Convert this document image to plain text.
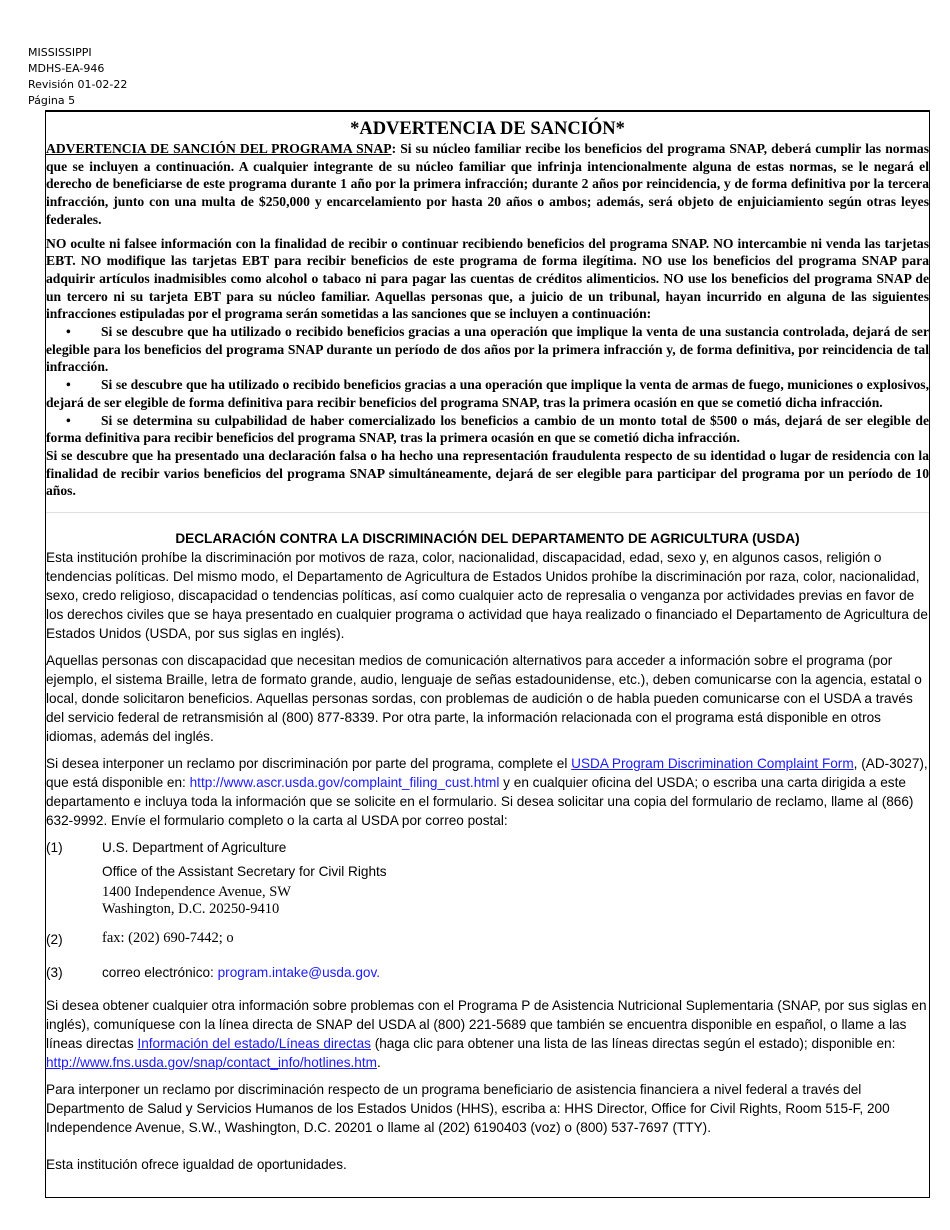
MISSISSIPPI
MDHS-EA-946
Revisión 01-02-22
Página 5

*ADVERTENCIA DE SANCIÓN*

ADVERTENCIA DE SANCIÓN DEL PROGRAMA SNAP: Si su núcleo familiar recibe los beneficios del programa SNAP, deberá cumplir las normas que se incluyen a continuación. A cualquier integrante de su núcleo familiar que infrinja intencionalmente alguna de estas normas, se le negará el derecho de beneficiarse de este programa durante 1 año por la primera infracción; durante 2 años por reincidencia, y de forma definitiva por la tercera infracción, junto con una multa de $250,000 y encarcelamiento por hasta 20 años o ambos; además, será objeto de enjuiciamiento según otras leyes federales.

NO oculte ni falsee información con la finalidad de recibir o continuar recibiendo beneficios del programa SNAP. NO intercambie ni venda las tarjetas EBT. NO modifique las tarjetas EBT para recibir beneficios de este programa de forma ilegítima. NO use los beneficios del programa SNAP para adquirir artículos inadmisibles como alcohol o tabaco ni para pagar las cuentas de créditos alimenticios. NO use los beneficios del programa SNAP de un tercero ni su tarjeta EBT para su núcleo familiar. Aquellas personas que, a juicio de un tribunal, hayan incurrido en alguna de las siguientes infracciones estipuladas por el programa serán sometidas a las sanciones que se incluyen a continuación:

• Si se descubre que ha utilizado o recibido beneficios gracias a una operación que implique la venta de una sustancia controlada, dejará de ser elegible para los beneficios del programa SNAP durante un período de dos años por la primera infracción y, de forma definitiva, por reincidencia de tal infracción.
• Si se descubre que ha utilizado o recibido beneficios gracias a una operación que implique la venta de armas de fuego, municiones o explosivos, dejará de ser elegible de forma definitiva para recibir beneficios del programa SNAP, tras la primera ocasión en que se cometió dicha infracción.
• Si se determina su culpabilidad de haber comercializado los beneficios a cambio de un monto total de $500 o más, dejará de ser elegible de forma definitiva para recibir beneficios del programa SNAP, tras la primera ocasión en que se cometió dicha infracción.

Si se descubre que ha presentado una declaración falsa o ha hecho una representación fraudulenta respecto de su identidad o lugar de residencia con la finalidad de recibir varios beneficios del programa SNAP simultáneamente, dejará de ser elegible para participar del programa por un período de 10 años.

DECLARACIÓN CONTRA LA DISCRIMINACIÓN DEL DEPARTAMENTO DE AGRICULTURA (USDA)

Esta institución prohíbe la discriminación por motivos de raza, color, nacionalidad, discapacidad, edad, sexo y, en algunos casos, religión o tendencias políticas. Del mismo modo, el Departamento de Agricultura de Estados Unidos prohíbe la discriminación por raza, color, nacionalidad, sexo, credo religioso, discapacidad o tendencias políticas, así como cualquier acto de represalia o venganza por actividades previas en favor de los derechos civiles que se haya presentado en cualquier programa o actividad que haya realizado o financiado el Departamento de Agricultura de Estados Unidos (USDA, por sus siglas en inglés).

Aquellas personas con discapacidad que necesitan medios de comunicación alternativos para acceder a información sobre el programa (por ejemplo, el sistema Braille, letra de formato grande, audio, lenguaje de señas estadounidense, etc.), deben comunicarse con la agencia, estatal o local, donde solicitaron beneficios. Aquellas personas sordas, con problemas de audición o de habla pueden comunicarse con el USDA a través del servicio federal de retransmisión al (800) 877-8339. Por otra parte, la información relacionada con el programa está disponible en otros idiomas, además del inglés.

Si desea interponer un reclamo por discriminación por parte del programa, complete el USDA Program Discrimination Complaint Form, (AD-3027), que está disponible en: http://www.ascr.usda.gov/complaint_filing_cust.html y en cualquier oficina del USDA; o escriba una carta dirigida a este departamento e incluya toda la información que se solicite en el formulario. Si desea solicitar una copia del formulario de reclamo, llame al (866) 632-9992. Envíe el formulario completo o la carta al USDA por correo postal:

(1)	U.S. Department of Agriculture
Office of the Assistant Secretary for Civil Rights
1400 Independence Avenue, SW
Washington, D.C. 20250-9410
(2)	fax: (202) 690-7442; o
(3)	correo electrónico: program.intake@usda.gov.

Si desea obtener cualquier otra información sobre problemas con el Programa P de Asistencia Nutricional Suplementaria (SNAP, por sus siglas en inglés), comuníquese con la línea directa de SNAP del USDA al (800) 221-5689 que también se encuentra disponible en español, o llame a las líneas directas Información del estado/Líneas directas (haga clic para obtener una lista de las líneas directas según el estado); disponible en: http://www.fns.usda.gov/snap/contact_info/hotlines.htm.

Para interponer un reclamo por discriminación respecto de un programa beneficiario de asistencia financiera a nivel federal a través del Departmento de Salud y Servicios Humanos de los Estados Unidos (HHS), escriba a: HHS Director, Office for Civil Rights, Room 515-F, 200 Independence Avenue, S.W., Washington, D.C. 20201 o llame al (202) 6190403 (voz) o (800) 537-7697 (TTY).

Esta institución ofrece igualdad de oportunidades.
